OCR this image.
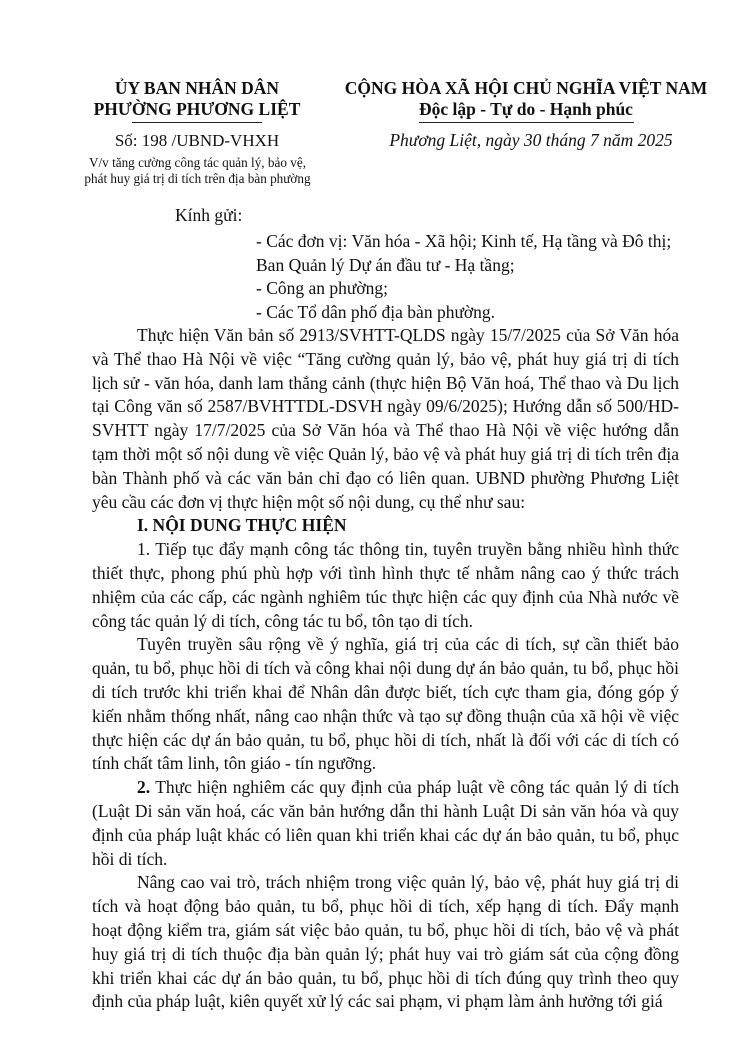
ỦY BAN NHÂN DÂN
PHƯỜNG PHƯƠNG LIỆT
CỘNG HÒA XÃ HỘI CHỦ NGHĨA VIỆT NAM
Độc lập - Tự do - Hạnh phúc
Số: 198 /UBND-VHXH
V/v tăng cường công tác quản lý, bảo vệ,
phát huy giá trị di tích trên địa bàn phường
Phương Liệt, ngày 30 tháng 7 năm 2025
Kính gửi:
- Các đơn vị: Văn hóa - Xã hội; Kinh tế, Hạ tầng và Đô thị;
Ban Quản lý Dự án đầu tư - Hạ tầng;
- Công an phường;
- Các Tổ dân phố địa bàn phường.

Thực hiện Văn bản số 2913/SVHTT-QLDS ngày 15/7/2025 của Sở Văn hóa và Thể thao Hà Nội về việc “Tăng cường quản lý, bảo vệ, phát huy giá trị di tích lịch sử - văn hóa, danh lam thắng cảnh (thực hiện Bộ Văn hoá, Thể thao và Du lịch tại Công văn số 2587/BVHTTDL-DSVH ngày 09/6/2025); Hướng dẫn số 500/HD-SVHTT ngày 17/7/2025 của Sở Văn hóa và Thể thao Hà Nội về việc hướng dẫn tạm thời một số nội dung về việc Quản lý, bảo vệ và phát huy giá trị di tích trên địa bàn Thành phố và các văn bản chỉ đạo có liên quan. UBND phường Phương Liệt yêu cầu các đơn vị thực hiện một số nội dung, cụ thể như sau:

I. NỘI DUNG THỰC HIỆN

1. Tiếp tục đẩy mạnh công tác thông tin, tuyên truyền bằng nhiều hình thức thiết thực, phong phú phù hợp với tình hình thực tế nhằm nâng cao ý thức trách nhiệm của các cấp, các ngành nghiêm túc thực hiện các quy định của Nhà nước về công tác quản lý di tích, công tác tu bổ, tôn tạo di tích.

Tuyên truyền sâu rộng về ý nghĩa, giá trị của các di tích, sự cần thiết bảo quản, tu bổ, phục hồi di tích và công khai nội dung dự án bảo quản, tu bổ, phục hồi di tích trước khi triển khai để Nhân dân được biết, tích cực tham gia, đóng góp ý kiến nhằm thống nhất, nâng cao nhận thức và tạo sự đồng thuận của xã hội về việc thực hiện các dự án bảo quản, tu bổ, phục hồi di tích, nhất là đối với các di tích có tính chất tâm linh, tôn giáo - tín ngưỡng.

2. Thực hiện nghiêm các quy định của pháp luật về công tác quản lý di tích (Luật Di sản văn hoá, các văn bản hướng dẫn thi hành Luật Di sản văn hóa và quy định của pháp luật khác có liên quan khi triển khai các dự án bảo quản, tu bổ, phục hồi di tích.

Nâng cao vai trò, trách nhiệm trong việc quản lý, bảo vệ, phát huy giá trị di tích và hoạt động bảo quản, tu bổ, phục hồi di tích, xếp hạng di tích. Đẩy mạnh hoạt động kiểm tra, giám sát việc bảo quản, tu bổ, phục hồi di tích, bảo vệ và phát huy giá trị di tích thuộc địa bàn quản lý; phát huy vai trò giám sát của cộng đồng khi triển khai các dự án bảo quản, tu bổ, phục hồi di tích đúng quy trình theo quy định của pháp luật, kiên quyết xử lý các sai phạm, vi phạm làm ảnh hưởng tới giá
